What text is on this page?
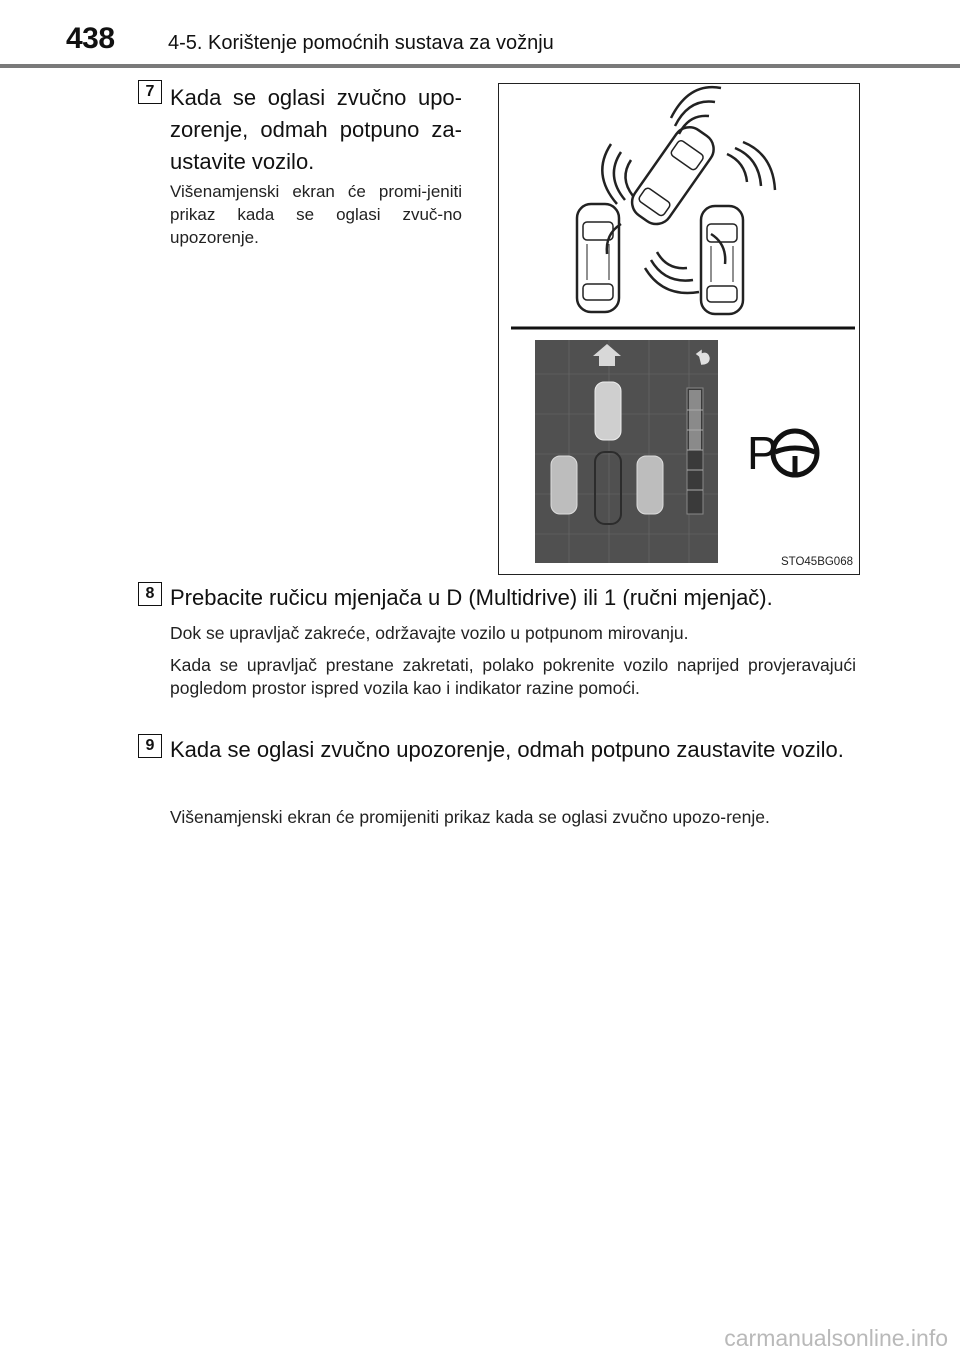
438	4-5. Korištenje pomoćnih sustava za vožnju
7 Kada se oglasi zvučno upo-zorenje, odmah potpuno za-ustavite vozilo.
Višenamjenski ekran će promi-jeniti prikaz kada se oglasi zvuč-no upozorenje.
P
STO45BG068
8 Prebacite ručicu mjenjača u D (Multidrive) ili 1 (ručni mjenjač).
Dok se upravljač zakreće, održavajte vozilo u potpunom mirovanju.
Kada se upravljač prestane zakretati, polako pokrenite vozilo naprijed provjeravajući pogledom prostor ispred vozila kao i indikator razine pomoći.
9 Kada se oglasi zvučno upozorenje, odmah potpuno zaustavite vozilo.
Višenamjenski ekran će promijeniti prikaz kada se oglasi zvučno upozo-renje.
carmanualsonline.info
